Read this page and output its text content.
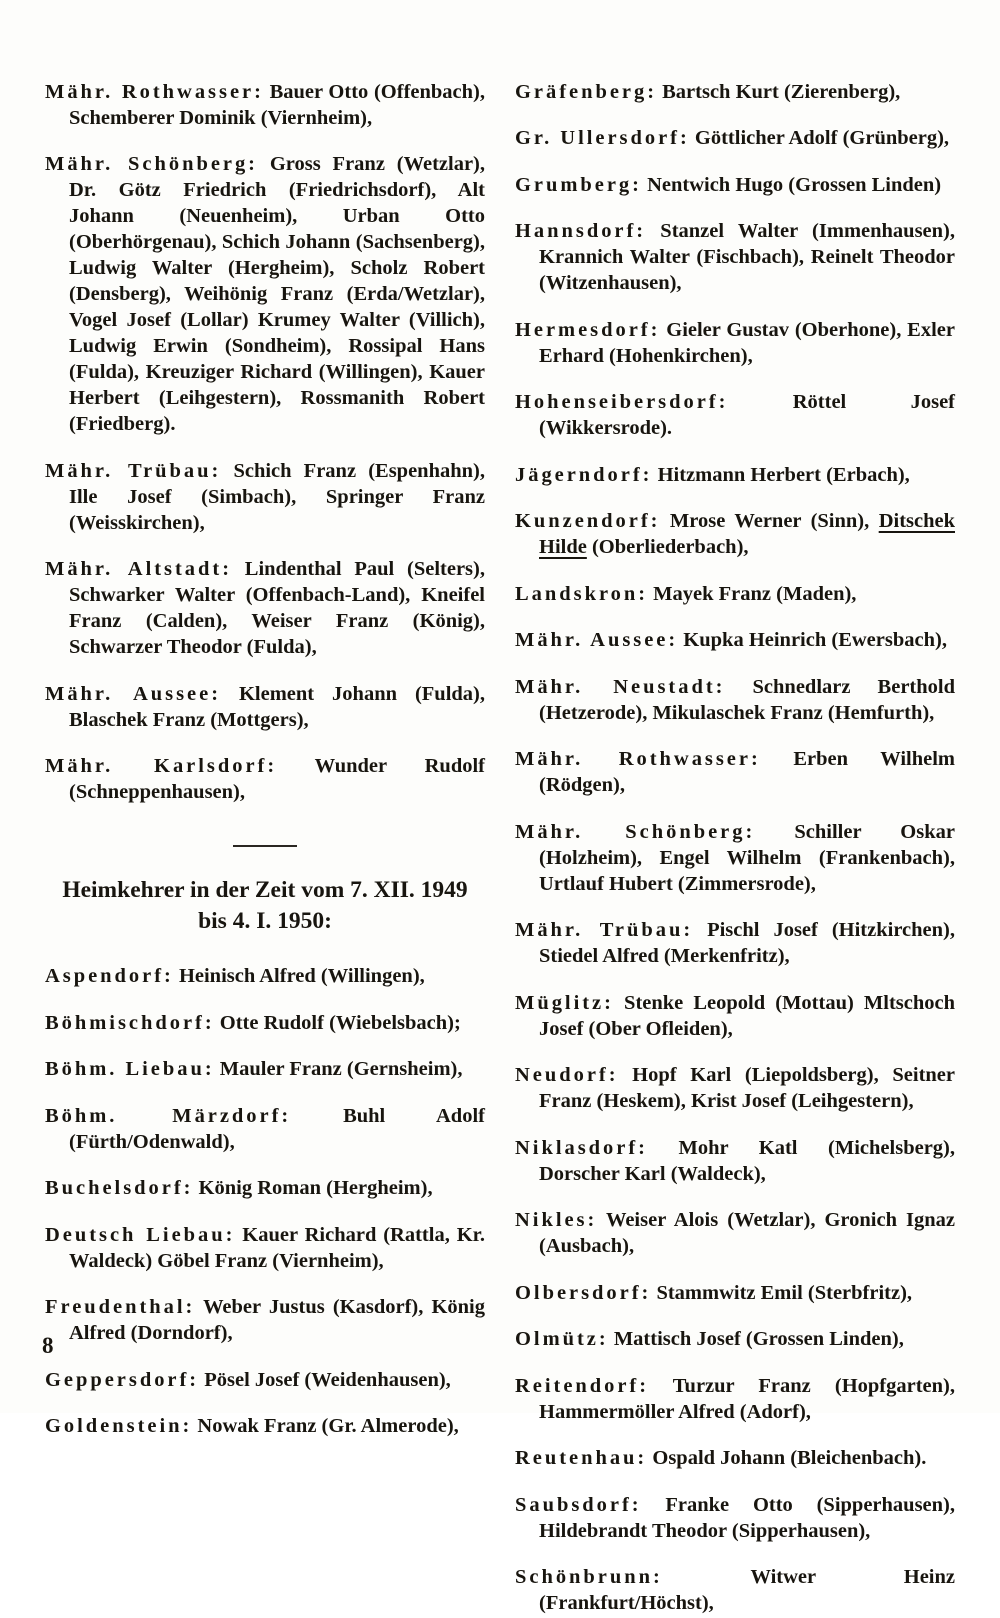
Mähr. Rothwasser: Bauer Otto (Offenbach), Schemberer Dominik (Viernheim),

Mähr. Schönberg: Gross Franz (Wetzlar), Dr. Götz Friedrich (Friedrichsdorf), Alt Johann (Neuenheim), Urban Otto (Oberhörgenau), Schich Johann (Sachsenberg), Ludwig Walter (Hergheim), Scholz Robert (Densberg), Weihönig Franz (Erda/Wetzlar), Vogel Josef (Lollar) Krumey Walter (Villich), Ludwig Erwin (Sondheim), Rossipal Hans (Fulda), Kreuziger Richard (Willingen), Kauer Herbert (Leihgestern), Rossmanith Robert (Friedberg).

Mähr. Trübau: Schich Franz (Espenhahn), Ille Josef (Simbach), Springer Franz (Weisskirchen),

Mähr. Altstadt: Lindenthal Paul (Selters), Schwarker Walter (Offenbach-Land), Kneifel Franz (Calden), Weiser Franz (König), Schwarzer Theodor (Fulda),

Mähr. Aussee: Klement Johann (Fulda), Blaschek Franz (Mottgers),

Mähr. Karlsdorf: Wunder Rudolf (Schneppenhausen),

Heimkehrer in der Zeit vom 7. XII. 1949
bis 4. I. 1950:

Aspendorf: Heinisch Alfred (Willingen),

Böhmischdorf: Otte Rudolf (Wiebelsbach);

Böhm. Liebau: Mauler Franz (Gernsheim),

Böhm. Märzdorf: Buhl Adolf (Fürth/Odenwald),

Buchelsdorf: König Roman (Hergheim),

Deutsch Liebau: Kauer Richard (Rattla, Kr. Waldeck) Göbel Franz (Viernheim),

Freudenthal: Weber Justus (Kasdorf), König Alfred (Dorndorf),

Geppersdorf: Pösel Josef (Weidenhausen),

Goldenstein: Nowak Franz (Gr. Almerode),

Gräfenberg: Bartsch Kurt (Zierenberg),

Gr. Ullersdorf: Göttlicher Adolf (Grünberg),

Grumberg: Nentwich Hugo (Grossen Linden)

Hannsdorf: Stanzel Walter (Immenhausen), Krannich Walter (Fischbach), Reinelt Theodor (Witzenhausen),

Hermesdorf: Gieler Gustav (Oberhone), Exler Erhard (Hohenkirchen),

Hohenseibersdorf: Röttel Josef (Wikkersrode).

Jägerndorf: Hitzmann Herbert (Erbach),

Kunzendorf: Mrose Werner (Sinn), Ditschek Hilde (Oberliederbach),

Landskron: Mayek Franz (Maden),

Mähr. Aussee: Kupka Heinrich (Ewersbach),

Mähr. Neustadt: Schnedlarz Berthold (Hetzerode), Mikulaschek Franz (Hemfurth),

Mähr. Rothwasser: Erben Wilhelm (Rödgen),

Mähr. Schönberg: Schiller Oskar (Holzheim), Engel Wilhelm (Frankenbach), Urtlauf Hubert (Zimmersrode),

Mähr. Trübau: Pischl Josef (Hitzkirchen), Stiedel Alfred (Merkenfritz),

Müglitz: Stenke Leopold (Mottau) Mltschoch Josef (Ober Ofleiden),

Neudorf: Hopf Karl (Liepoldsberg), Seitner Franz (Heskem), Krist Josef (Leihgestern),

Niklasdorf: Mohr Katl (Michelsberg), Dorscher Karl (Waldeck),

Nikles: Weiser Alois (Wetzlar), Gronich Ignaz (Ausbach),

Olbersdorf: Stammwitz Emil (Sterbfritz),

Olmütz: Mattisch Josef (Grossen Linden),

Reitendorf: Turzur Franz (Hopfgarten), Hammermöller Alfred (Adorf),

Reutenhau: Ospald Johann (Bleichenbach).

Saubsdorf: Franke Otto (Sipperhausen), Hildebrandt Theodor (Sipperhausen),

Schönbrunn: Witwer Heinz (Frankfurt/Höchst),

8
